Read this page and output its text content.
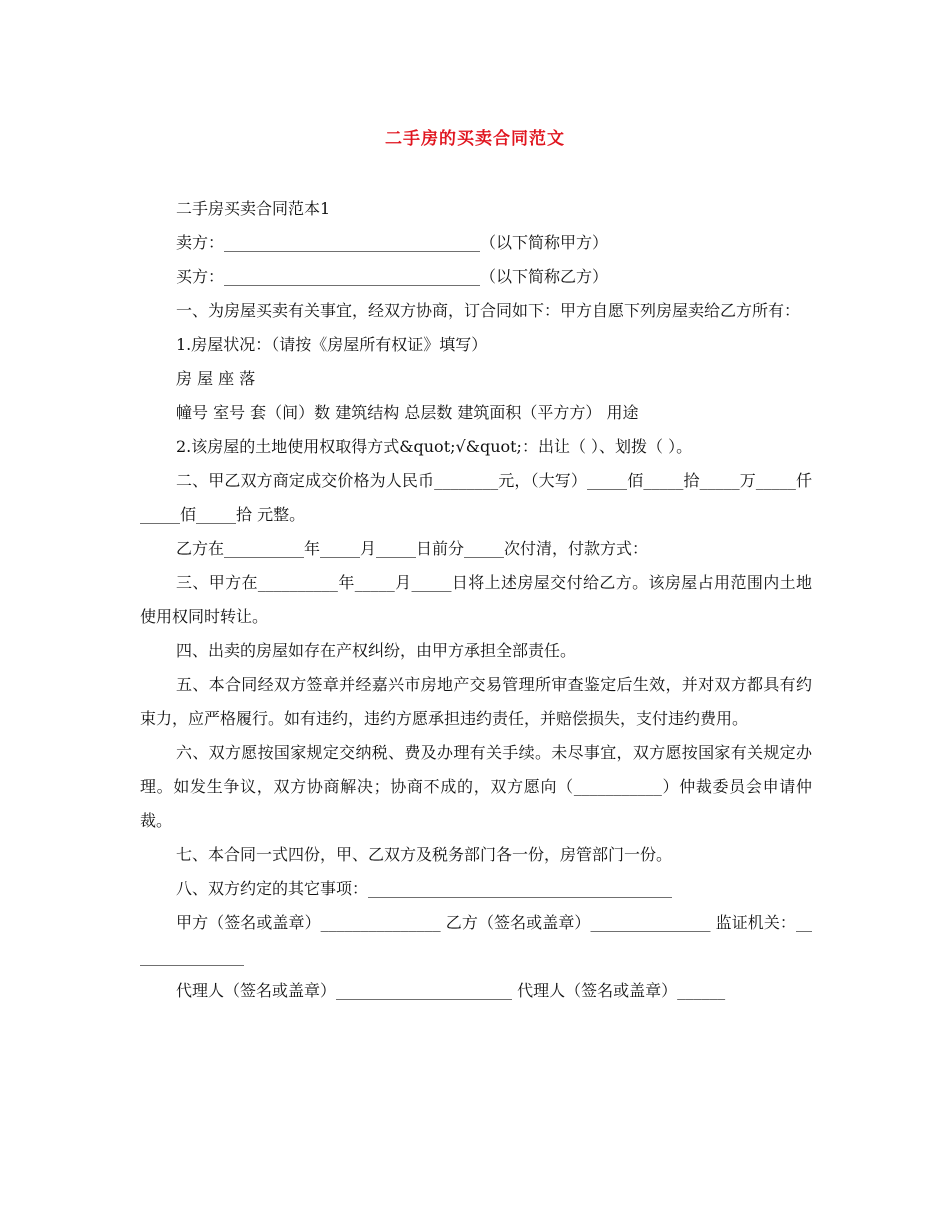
二手房的买卖合同范文

二手房买卖合同范本1

卖方：________________________________（以下简称甲方）

买方：________________________________（以下简称乙方）

一、为房屋买卖有关事宜，经双方协商，订合同如下：甲方自愿下列房屋卖给乙方所有：

1.房屋状况：（请按《房屋所有权证》填写）

房 屋 座 落

幢号 室号 套（间）数 建筑结构 总层数 建筑面积（平方方） 用途

2.该房屋的土地使用权取得方式&quot;√&quot;：出让（ ）、划拨（ ）。

二、甲乙双方商定成交价格为人民币________元，（大写）_____佰_____拾_____万_____仟_____佰_____拾 元整。

乙方在__________年_____月_____日前分_____次付清，付款方式：

三、甲方在__________年_____月_____日将上述房屋交付给乙方。该房屋占用范围内土地使用权同时转让。

四、出卖的房屋如存在产权纠纷，由甲方承担全部责任。

五、本合同经双方签章并经嘉兴市房地产交易管理所审查鉴定后生效，并对双方都具有约束力，应严格履行。如有违约，违约方愿承担违约责任，并赔偿损失，支付违约费用。

六、双方愿按国家规定交纳税、费及办理有关手续。未尽事宜，双方愿按国家有关规定办理。如发生争议，双方协商解决；协商不成的，双方愿向（___________）仲裁委员会申请仲裁。

七、本合同一式四份，甲、乙双方及税务部门各一份，房管部门一份。

八、双方约定的其它事项：______________________________________

甲方（签名或盖章）_______________ 乙方（签名或盖章）_______________ 监证机关：_______________

代理人（签名或盖章）______________________ 代理人（签名或盖章）______
